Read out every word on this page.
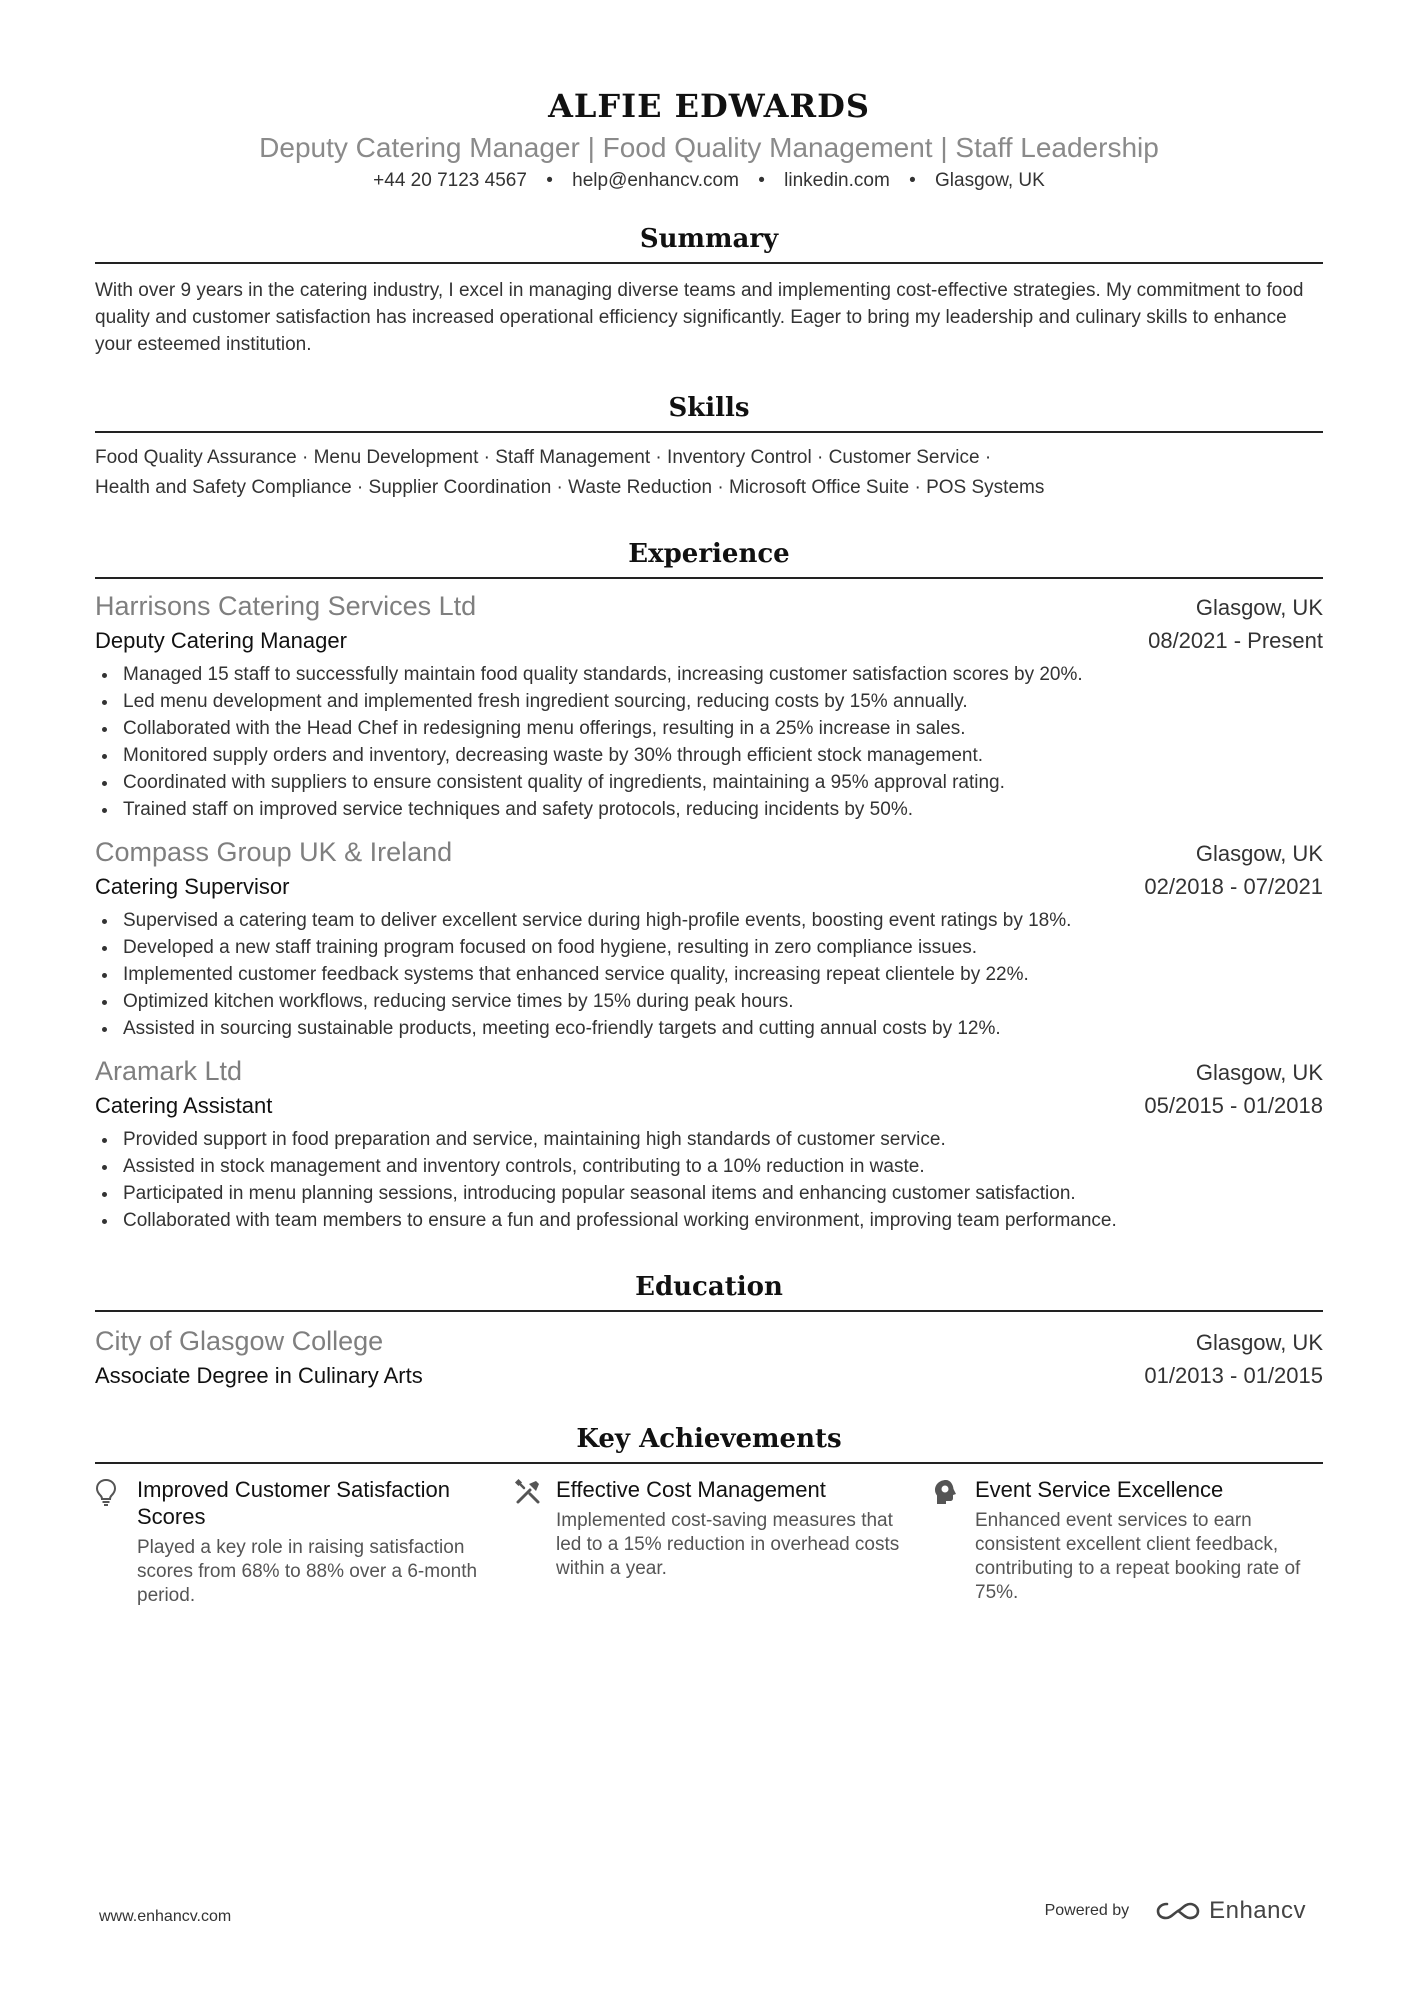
ALFIE EDWARDS
Deputy Catering Manager | Food Quality Management | Staff Leadership
+44 20 7123 4567 • help@enhancv.com • linkedin.com • Glasgow, UK
Summary
With over 9 years in the catering industry, I excel in managing diverse teams and implementing cost-effective strategies. My commitment to food quality and customer satisfaction has increased operational efficiency significantly. Eager to bring my leadership and culinary skills to enhance your esteemed institution.
Skills
Food Quality Assurance · Menu Development · Staff Management · Inventory Control · Customer Service ·
Health and Safety Compliance · Supplier Coordination · Waste Reduction · Microsoft Office Suite · POS Systems
Experience
Harrisons Catering Services Ltd	Glasgow, UK
Deputy Catering Manager	08/2021 - Present
Managed 15 staff to successfully maintain food quality standards, increasing customer satisfaction scores by 20%.
Led menu development and implemented fresh ingredient sourcing, reducing costs by 15% annually.
Collaborated with the Head Chef in redesigning menu offerings, resulting in a 25% increase in sales.
Monitored supply orders and inventory, decreasing waste by 30% through efficient stock management.
Coordinated with suppliers to ensure consistent quality of ingredients, maintaining a 95% approval rating.
Trained staff on improved service techniques and safety protocols, reducing incidents by 50%.
Compass Group UK & Ireland	Glasgow, UK
Catering Supervisor	02/2018 - 07/2021
Supervised a catering team to deliver excellent service during high-profile events, boosting event ratings by 18%.
Developed a new staff training program focused on food hygiene, resulting in zero compliance issues.
Implemented customer feedback systems that enhanced service quality, increasing repeat clientele by 22%.
Optimized kitchen workflows, reducing service times by 15% during peak hours.
Assisted in sourcing sustainable products, meeting eco-friendly targets and cutting annual costs by 12%.
Aramark Ltd	Glasgow, UK
Catering Assistant	05/2015 - 01/2018
Provided support in food preparation and service, maintaining high standards of customer service.
Assisted in stock management and inventory controls, contributing to a 10% reduction in waste.
Participated in menu planning sessions, introducing popular seasonal items and enhancing customer satisfaction.
Collaborated with team members to ensure a fun and professional working environment, improving team performance.
Education
City of Glasgow College	Glasgow, UK
Associate Degree in Culinary Arts	01/2013 - 01/2015
Key Achievements
Improved Customer Satisfaction Scores
Played a key role in raising satisfaction scores from 68% to 88% over a 6-month period.
Effective Cost Management
Implemented cost-saving measures that led to a 15% reduction in overhead costs within a year.
Event Service Excellence
Enhanced event services to earn consistent excellent client feedback, contributing to a repeat booking rate of 75%.
www.enhancv.com	Powered by	Enhancv
